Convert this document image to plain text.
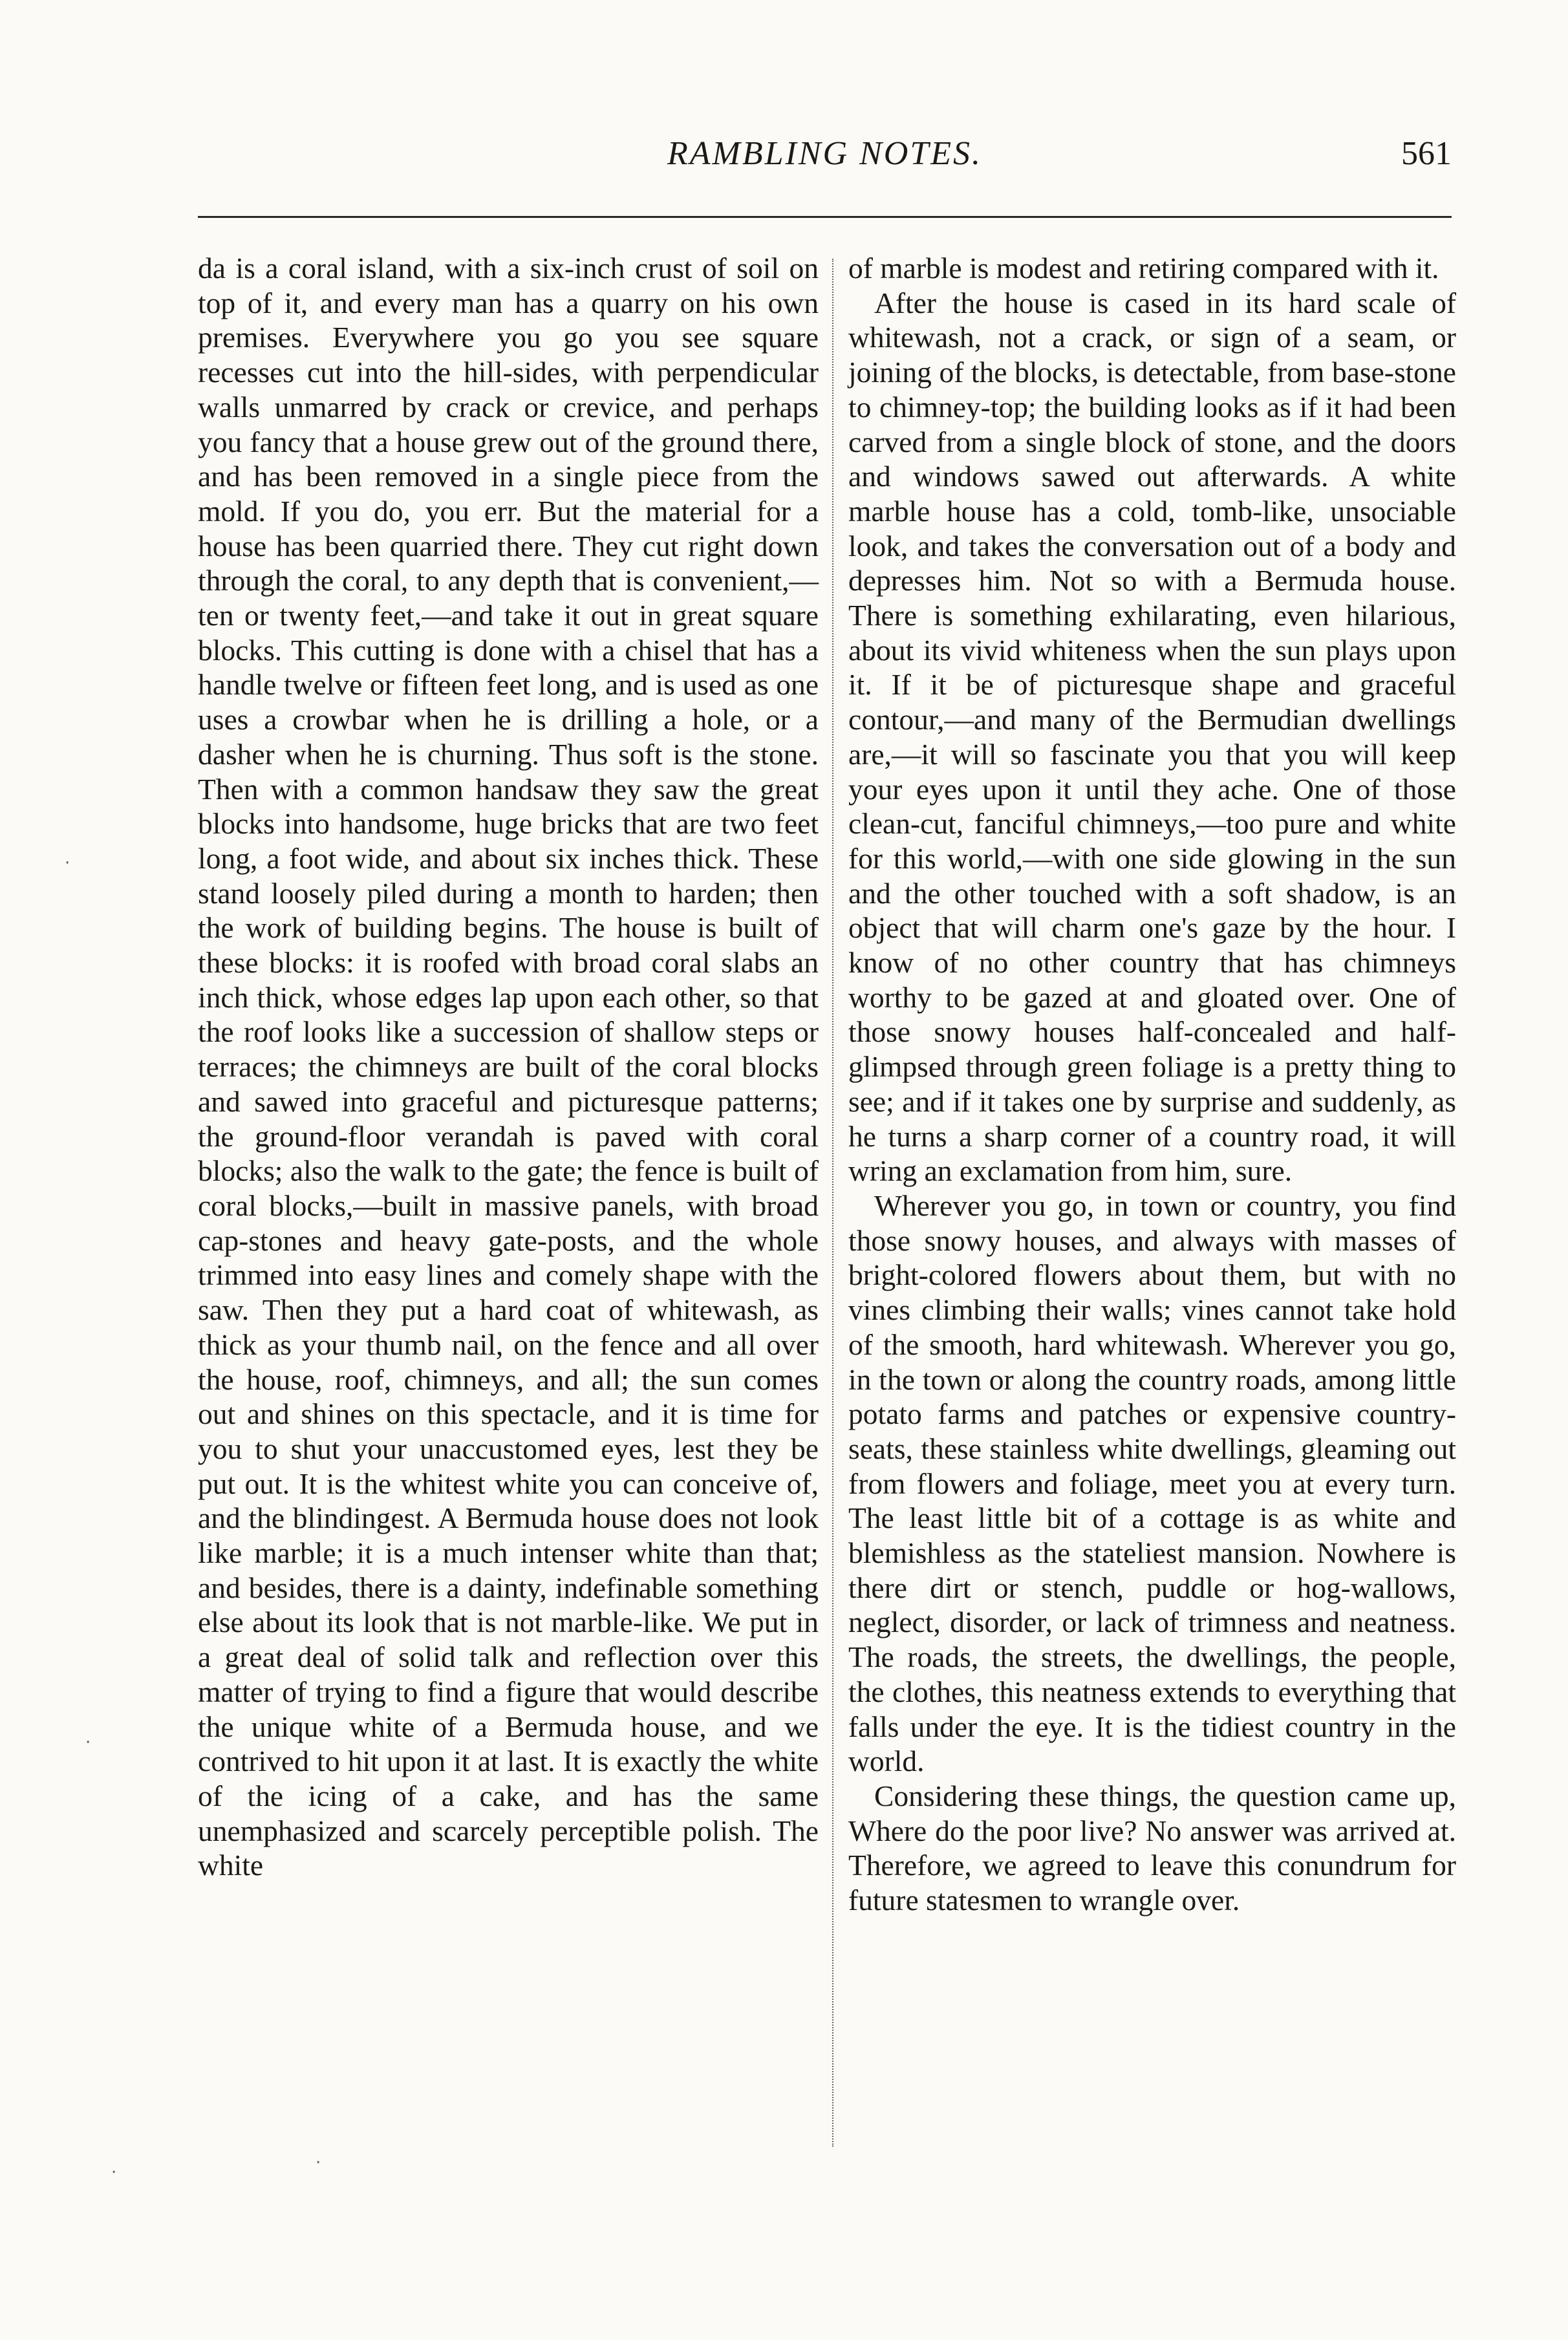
RAMBLING NOTES.	561

da is a coral island, with a six-inch crust of soil on top of it, and every man has a quarry on his own premises. Everywhere you go you see square recesses cut into the hill-sides, with perpendicular walls unmarred by crack or crevice, and perhaps you fancy that a house grew out of the ground there, and has been removed in a single piece from the mold. If you do, you err. But the material for a house has been quarried there. They cut right down through the coral, to any depth that is convenient,—ten or twenty feet,—and take it out in great square blocks. This cutting is done with a chisel that has a handle twelve or fifteen feet long, and is used as one uses a crowbar when he is drilling a hole, or a dasher when he is churning. Thus soft is the stone. Then with a common handsaw they saw the great blocks into handsome, huge bricks that are two feet long, a foot wide, and about six inches thick. These stand loosely piled during a month to harden; then the work of building begins. The house is built of these blocks: it is roofed with broad coral slabs an inch thick, whose edges lap upon each other, so that the roof looks like a succession of shallow steps or terraces; the chimneys are built of the coral blocks and sawed into graceful and picturesque patterns; the ground-floor verandah is paved with coral blocks; also the walk to the gate; the fence is built of coral blocks,—built in massive panels, with broad cap-stones and heavy gate-posts, and the whole trimmed into easy lines and comely shape with the saw. Then they put a hard coat of whitewash, as thick as your thumb nail, on the fence and all over the house, roof, chimneys, and all; the sun comes out and shines on this spectacle, and it is time for you to shut your unaccustomed eyes, lest they be put out. It is the whitest white you can conceive of, and the blindingest. A Bermuda house does not look like marble; it is a much intenser white than that; and besides, there is a dainty, indefinable something else about its look that is not marble-like. We put in a great deal of solid talk and reflection over this matter of trying to find a figure that would describe the unique white of a Bermuda house, and we contrived to hit upon it at last. It is exactly the white of the icing of a cake, and has the same unemphasized and scarcely perceptible polish. The white

of marble is modest and retiring compared with it.

After the house is cased in its hard scale of whitewash, not a crack, or sign of a seam, or joining of the blocks, is detectable, from base-stone to chimney-top; the building looks as if it had been carved from a single block of stone, and the doors and windows sawed out afterwards. A white marble house has a cold, tomb-like, unsociable look, and takes the conversation out of a body and depresses him. Not so with a Bermuda house. There is something exhilarating, even hilarious, about its vivid whiteness when the sun plays upon it. If it be of picturesque shape and graceful contour,—and many of the Bermudian dwellings are,—it will so fascinate you that you will keep your eyes upon it until they ache. One of those clean-cut, fanciful chimneys,—too pure and white for this world,—with one side glowing in the sun and the other touched with a soft shadow, is an object that will charm one's gaze by the hour. I know of no other country that has chimneys worthy to be gazed at and gloated over. One of those snowy houses half-concealed and half-glimpsed through green foliage is a pretty thing to see; and if it takes one by surprise and suddenly, as he turns a sharp corner of a country road, it will wring an exclamation from him, sure.

Wherever you go, in town or country, you find those snowy houses, and always with masses of bright-colored flowers about them, but with no vines climbing their walls; vines cannot take hold of the smooth, hard whitewash. Wherever you go, in the town or along the country roads, among little potato farms and patches or expensive country-seats, these stainless white dwellings, gleaming out from flowers and foliage, meet you at every turn. The least little bit of a cottage is as white and blemishless as the stateliest mansion. Nowhere is there dirt or stench, puddle or hog-wallows, neglect, disorder, or lack of trimness and neatness. The roads, the streets, the dwellings, the people, the clothes, this neatness extends to everything that falls under the eye. It is the tidiest country in the world.

Considering these things, the question came up, Where do the poor live? No answer was arrived at. Therefore, we agreed to leave this conundrum for future statesmen to wrangle over.

·
·
·	·
